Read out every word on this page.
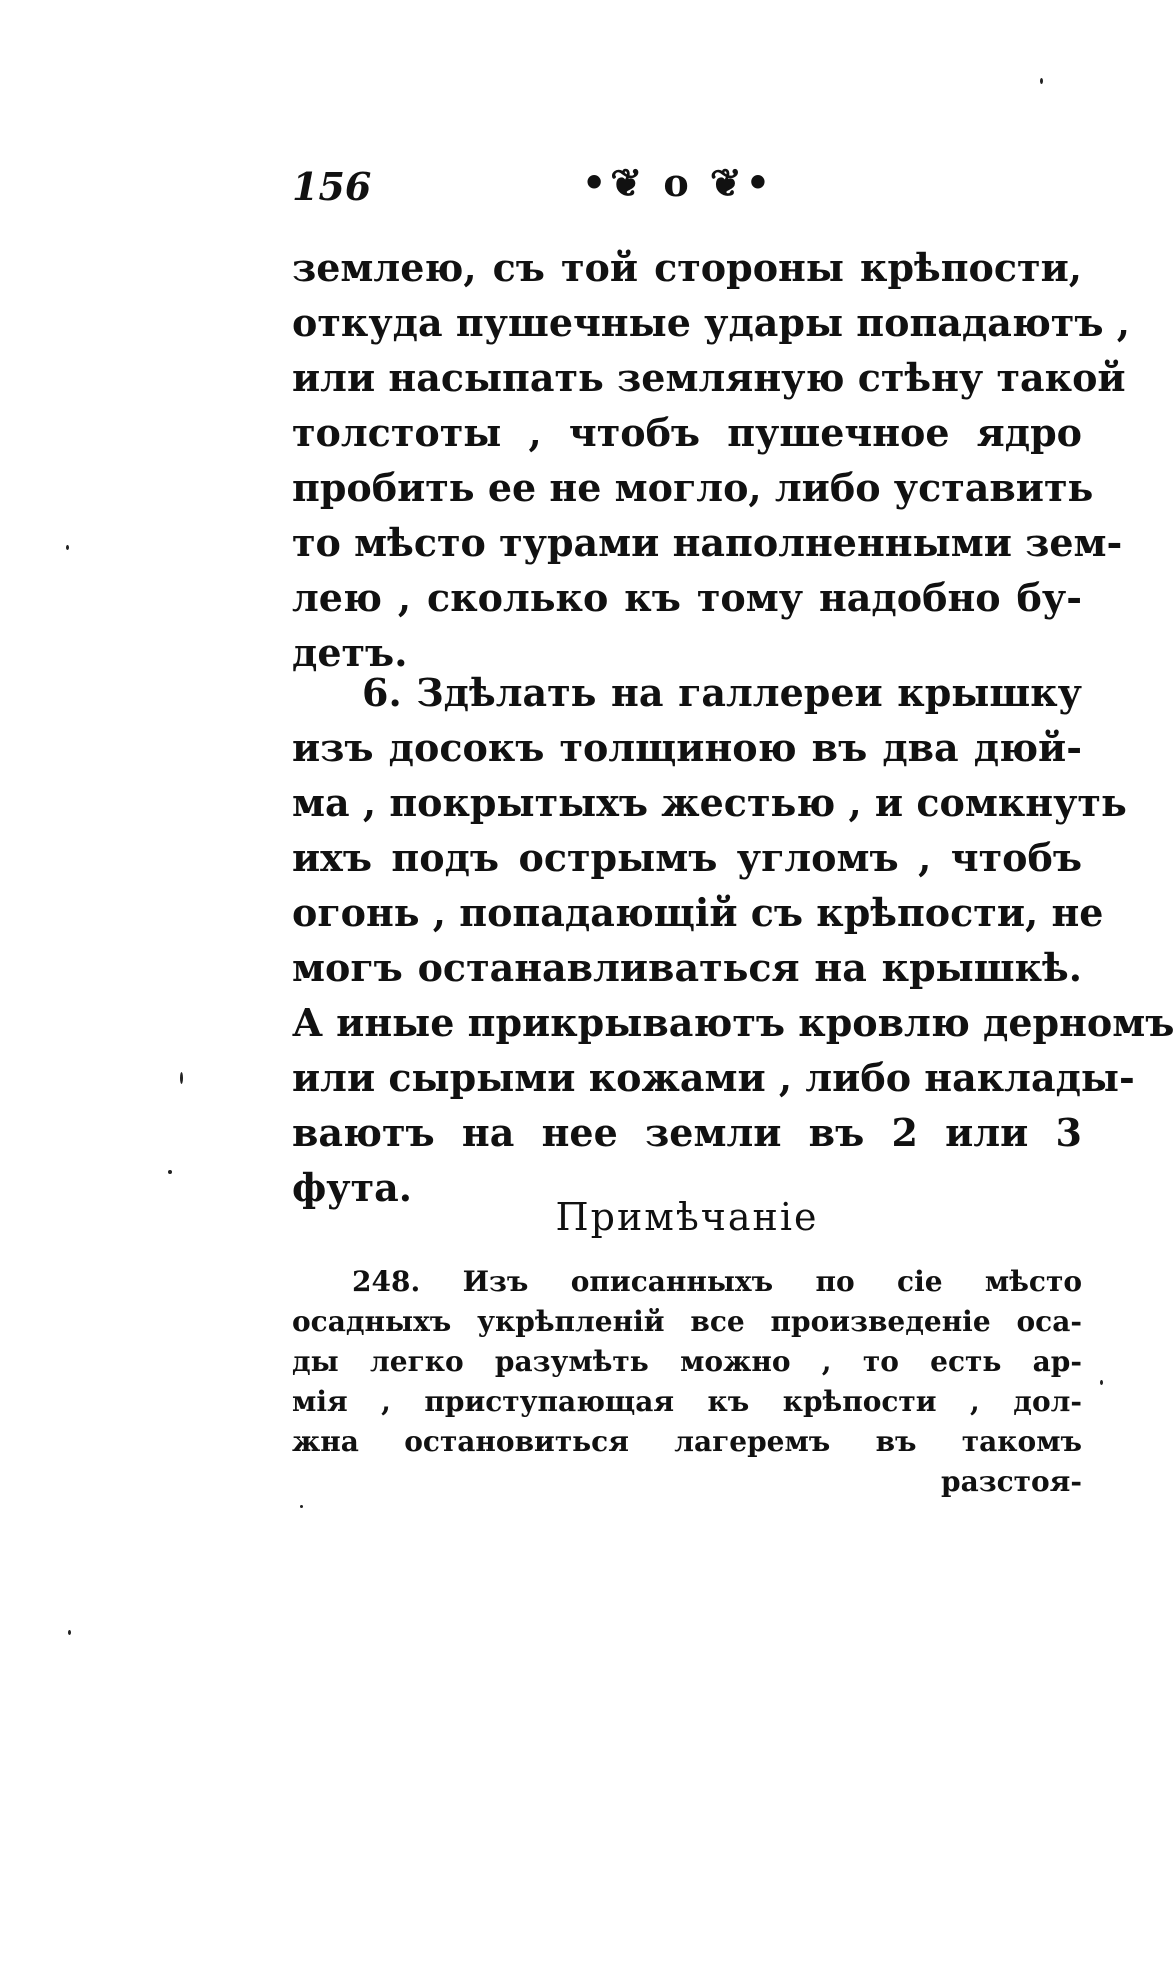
156	•❦ o ❦•
землею, съ той стороны крѣпости,
откуда пушечные удары попадаютъ ,
или насыпать земляную стѣну такой
толстоты , чтобъ пушечное ядро
пробить ее не могло, либо уставить
то мѣсто турами наполненными зем-
лею , сколько къ тому надобно бу-
детъ.
6. Здѣлать на галлереи крышку
изъ досокъ толщиною въ два дюй-
ма , покрытыхъ жестью , и сомкнуть
ихъ подъ острымъ угломъ , чтобъ
огонь , попадающій съ крѣпости, не
могъ останавливаться на крышкѣ.
А иные прикрываютъ кровлю дерномъ
или сырыми кожами , либо наклады-
ваютъ на нее земли въ 2 или 3
фута.
Примѣчаніе
248. Изъ описанныхъ по сіе мѣсто
осадныхъ укрѣпленій все произведеніе оса-
ды легко разумѣть можно , то есть ар-
мія , приступающая къ крѣпости , дол-
жна остановиться лагеремъ въ такомъ
разстоя-
